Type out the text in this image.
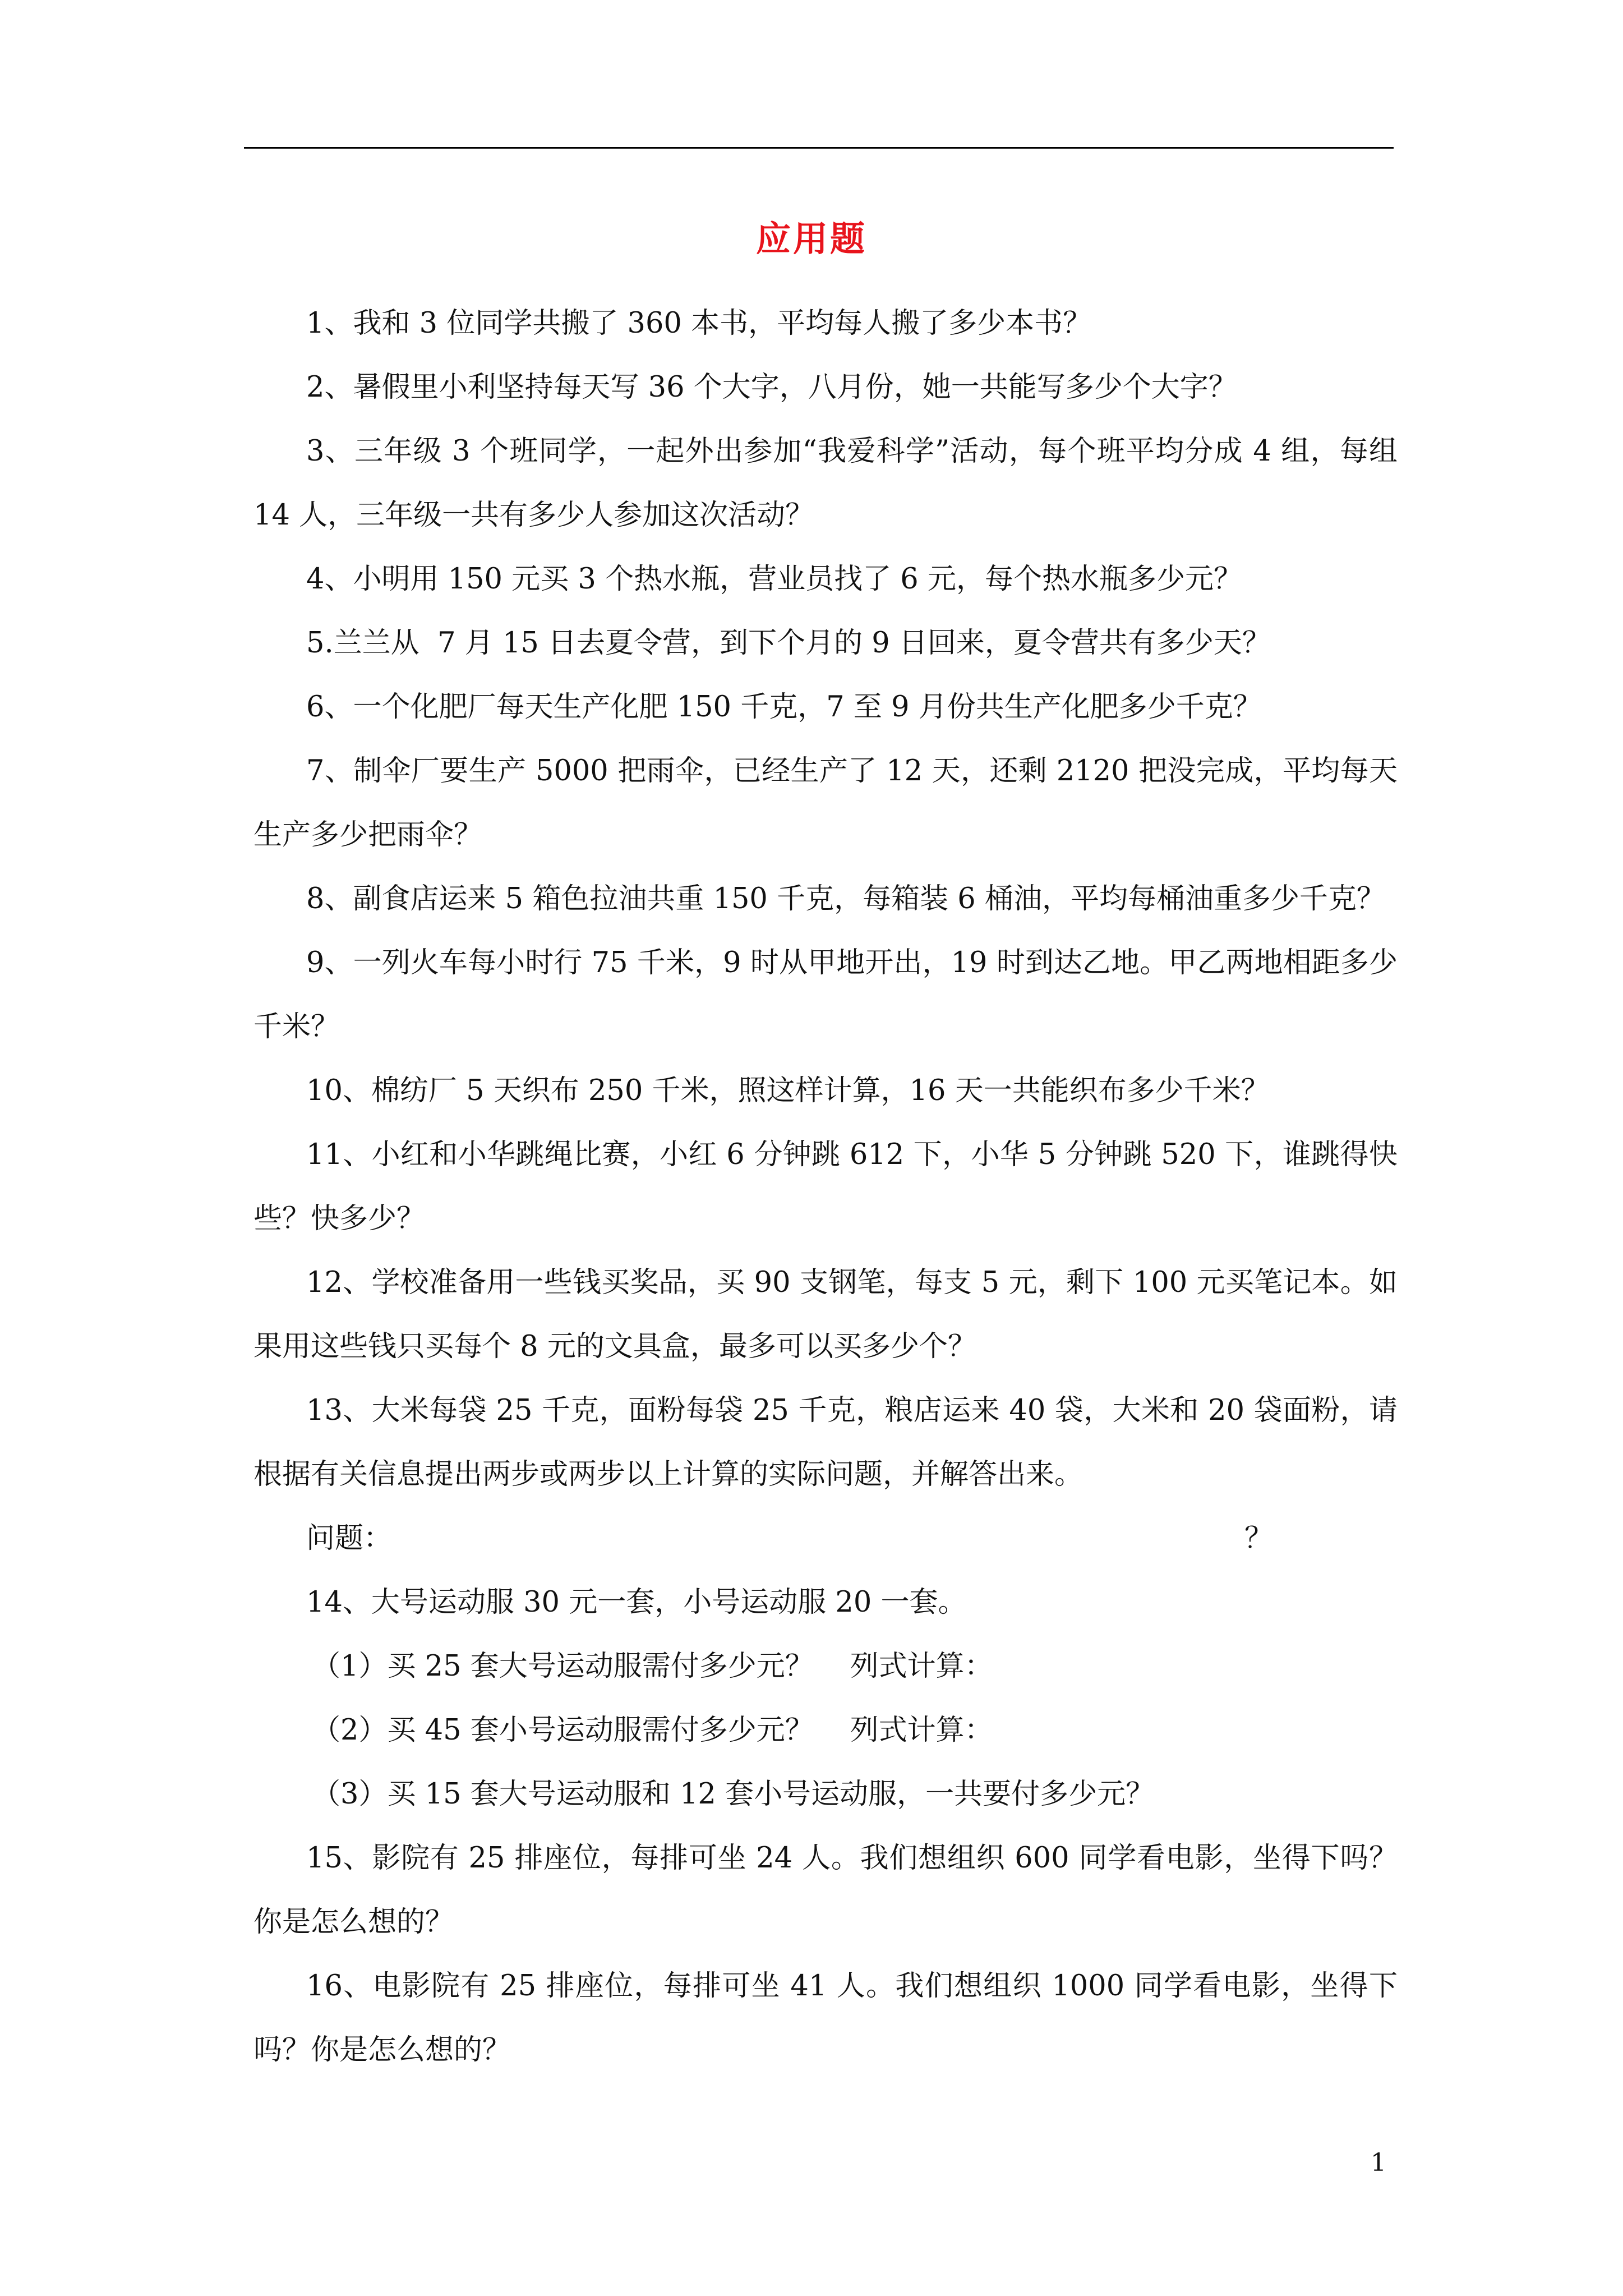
应用题

1、我和 3 位同学共搬了 360 本书，平均每人搬了多少本书？

2、暑假里小利坚持每天写 36 个大字，八月份，她一共能写多少个大字？

3、三年级 3 个班同学，一起外出参加“我爱科学”活动，每个班平均分成 4 组，每组 14 人，三年级一共有多少人参加这次活动？

4、小明用 150 元买 3 个热水瓶，营业员找了 6 元，每个热水瓶多少元？

5.兰兰从  7 月 15 日去夏令营，到下个月的 9 日回来，夏令营共有多少天？

6、一个化肥厂每天生产化肥 150 千克，7 至 9 月份共生产化肥多少千克？

7、制伞厂要生产 5000 把雨伞，已经生产了 12 天，还剩 2120 把没完成，平均每天生产多少把雨伞？

8、副食店运来 5 箱色拉油共重 150 千克，每箱装 6 桶油，平均每桶油重多少千克？

9、一列火车每小时行 75 千米，9 时从甲地开出，19 时到达乙地。甲乙两地相距多少千米？

10、棉纺厂 5 天织布 250 千米，照这样计算，16 天一共能织布多少千米？

11、小红和小华跳绳比赛，小红 6 分钟跳 612 下，小华 5 分钟跳 520 下，谁跳得快些？快多少？

12、学校准备用一些钱买奖品，买 90 支钢笔，每支 5 元，剩下 100 元买笔记本。如果用这些钱只买每个 8 元的文具盒，最多可以买多少个？

13、大米每袋 25 千克，面粉每袋 25 千克，粮店运来 40 袋，大米和 20 袋面粉，请根据有关信息提出两步或两步以上计算的实际问题，并解答出来。

问题：	？

14、大号运动服 30 元一套，小号运动服 20 一套。

（1）买 25 套大号运动服需付多少元？    列式计算：

（2）买 45 套小号运动服需付多少元？    列式计算：

（3）买 15 套大号运动服和 12 套小号运动服，一共要付多少元？

15、影院有 25 排座位，每排可坐 24 人。我们想组织 600 同学看电影，坐得下吗？你是怎么想的？

16、电影院有 25 排座位，每排可坐 41 人。我们想组织 1000 同学看电影，坐得下吗？你是怎么想的？

1
